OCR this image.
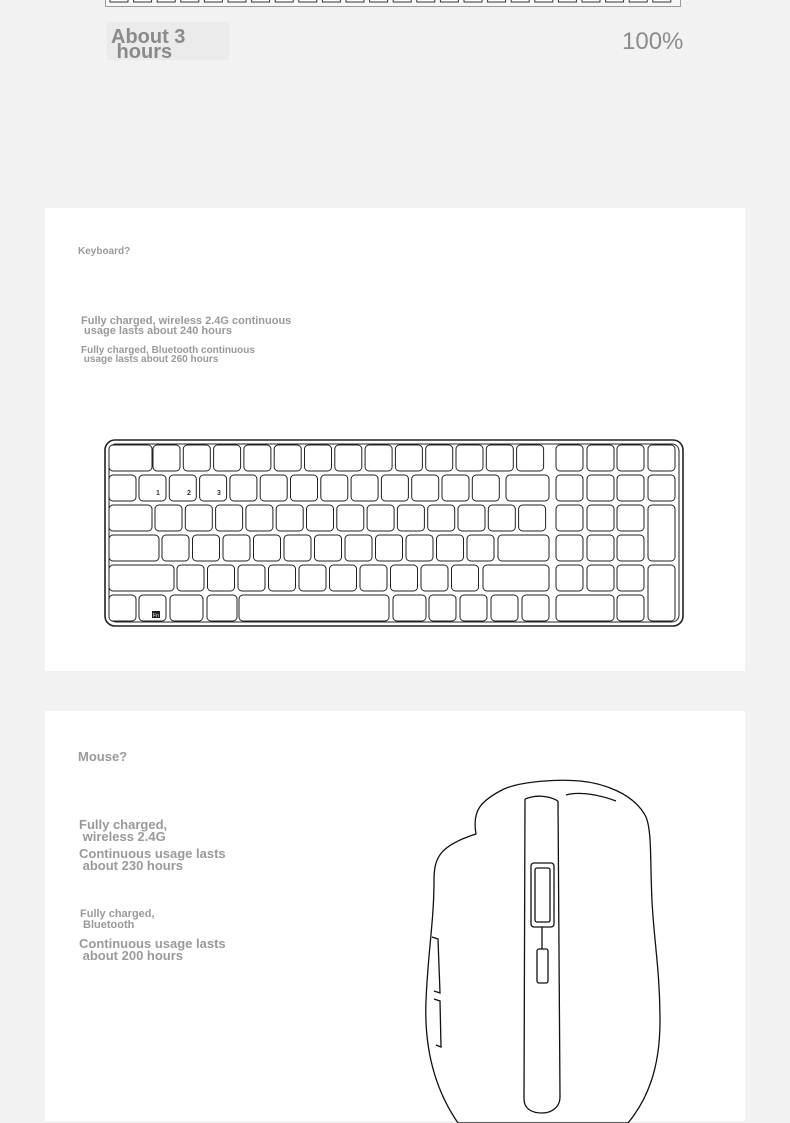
About 3
hours	100%
Keyboard?
Fully charged, wireless 2.4G continuous
usage lasts about 240 hours
Fully charged, Bluetooth continuous
usage lasts about 260 hours
1	2	3
Fn
Mouse?
Fully charged,
wireless 2.4G
Continuous usage lasts
about 230 hours
Fully charged,
Bluetooth
Continuous usage lasts
about 200 hours
